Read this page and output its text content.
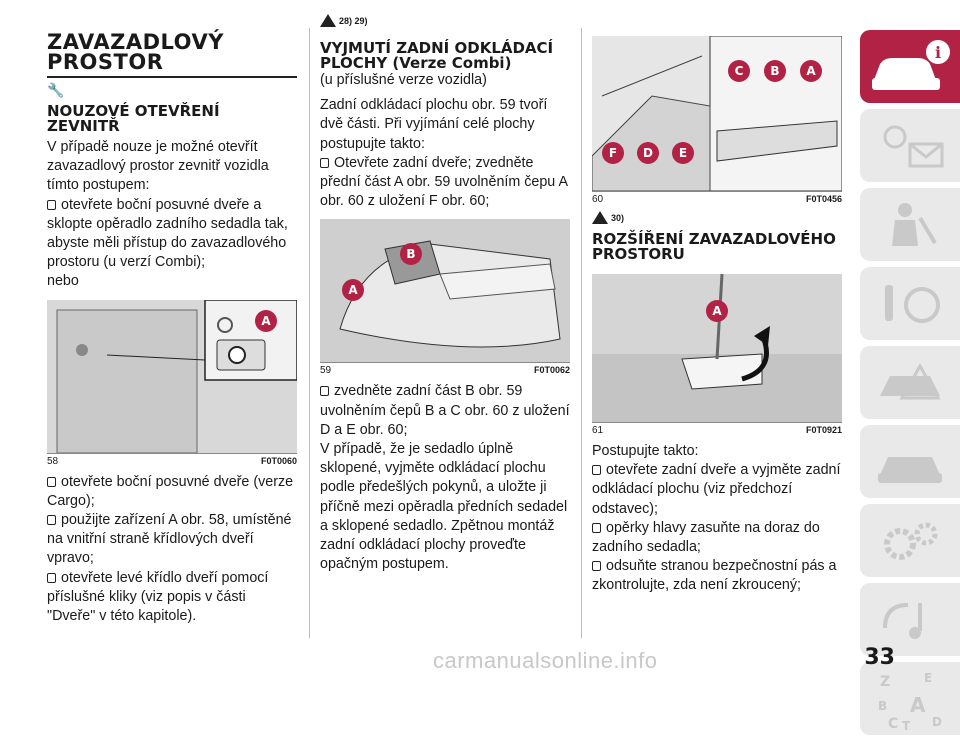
ZAVAZADLOVÝ PROSTOR
🔧
NOUZOVÉ OTEVŘENÍ ZEVNITŘ

V případě nouze je možné otevřít zavazadlový prostor zevnitř vozidla tímto postupem:

otevřete boční posuvné dveře a sklopte opěradlo zadního sedadla tak, abyste měli přístup do zavazadlového prostoru (u verzí Combi);

nebo

A
58	F0T0060

otevřete boční posuvné dveře (verze Cargo);

použijte zařízení A obr. 58, umístěné na vnitřní straně křídlových dveří vpravo;

otevřete levé křídlo dveří pomocí příslušné kliky (viz popis v části "Dveře" v této kapitole).

28) 29)
VYJMUTÍ ZADNÍ ODKLÁDACÍ PLOCHY (Verze Combi)

(u příslušné verze vozidla)

Zadní odkládací plochu obr. 59 tvoří dvě části. Při vyjímání celé plochy postupujte takto:

Otevřete zadní dveře; zvedněte přední část A obr. 59 uvolněním čepu A obr. 60 z uložení F obr. 60;

A
B
59	F0T0062

zvedněte zadní část B obr. 59 uvolněním čepů B a C obr. 60 z uložení D a E obr. 60;

V případě, že je sedadlo úplně sklopené, vyjměte odkládací plochu podle předešlých pokynů, a uložte ji příčně mezi opěradla předních sedadel a sklopené sedadlo. Zpětnou montáž zadní odkládací plochy proveďte opačným postupem.

C	B	A
F	D	E
60	F0T0456
30)
ROZŠÍŘENÍ ZAVAZADLOVÉHO PROSTORU
A
61	F0T0921

Postupujte takto:

otevřete zadní dveře a vyjměte zadní odkládací plochu (viz předchozí odstavec);

opěrky hlavy zasuňte na doraz do zadního sedadla;

odsuňte stranou bezpečnostní pás a zkontrolujte, zda není zkroucený;

i
Z	E
B A
C T D
33
carmanualsonline.info
